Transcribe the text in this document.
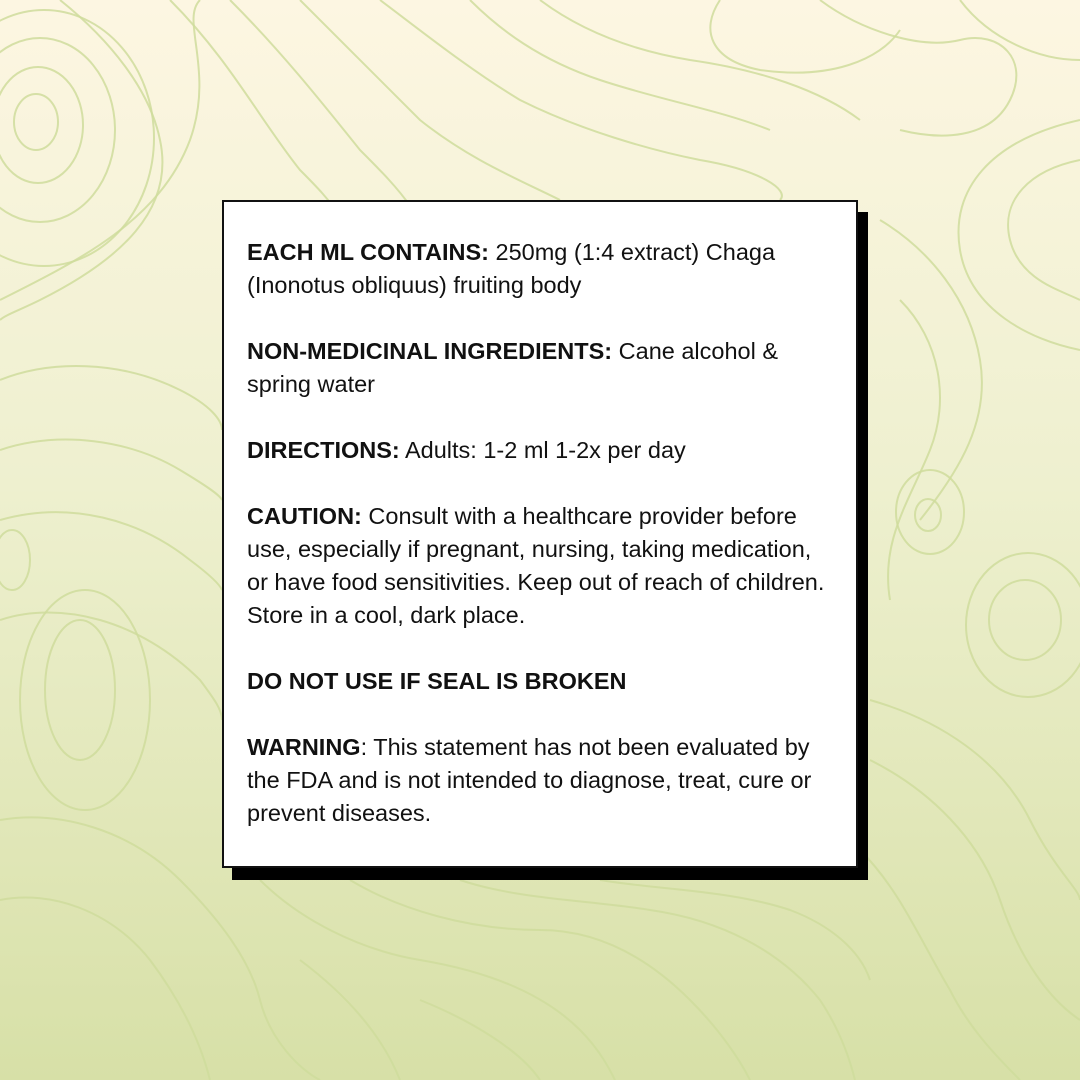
EACH ML CONTAINS: 250mg (1:4 extract) Chaga (Inonotus obliquus) fruiting body

NON-MEDICINAL INGREDIENTS: Cane alcohol & spring water

DIRECTIONS: Adults: 1-2 ml 1-2x per day

CAUTION: Consult with a healthcare provider before use, especially if pregnant, nursing, taking medication, or have food sensitivities. Keep out of reach of children. Store in a cool, dark place.

DO NOT USE IF SEAL IS BROKEN

WARNING: This statement has not been evaluated by the FDA and is not intended to diagnose, treat, cure or prevent diseases.
